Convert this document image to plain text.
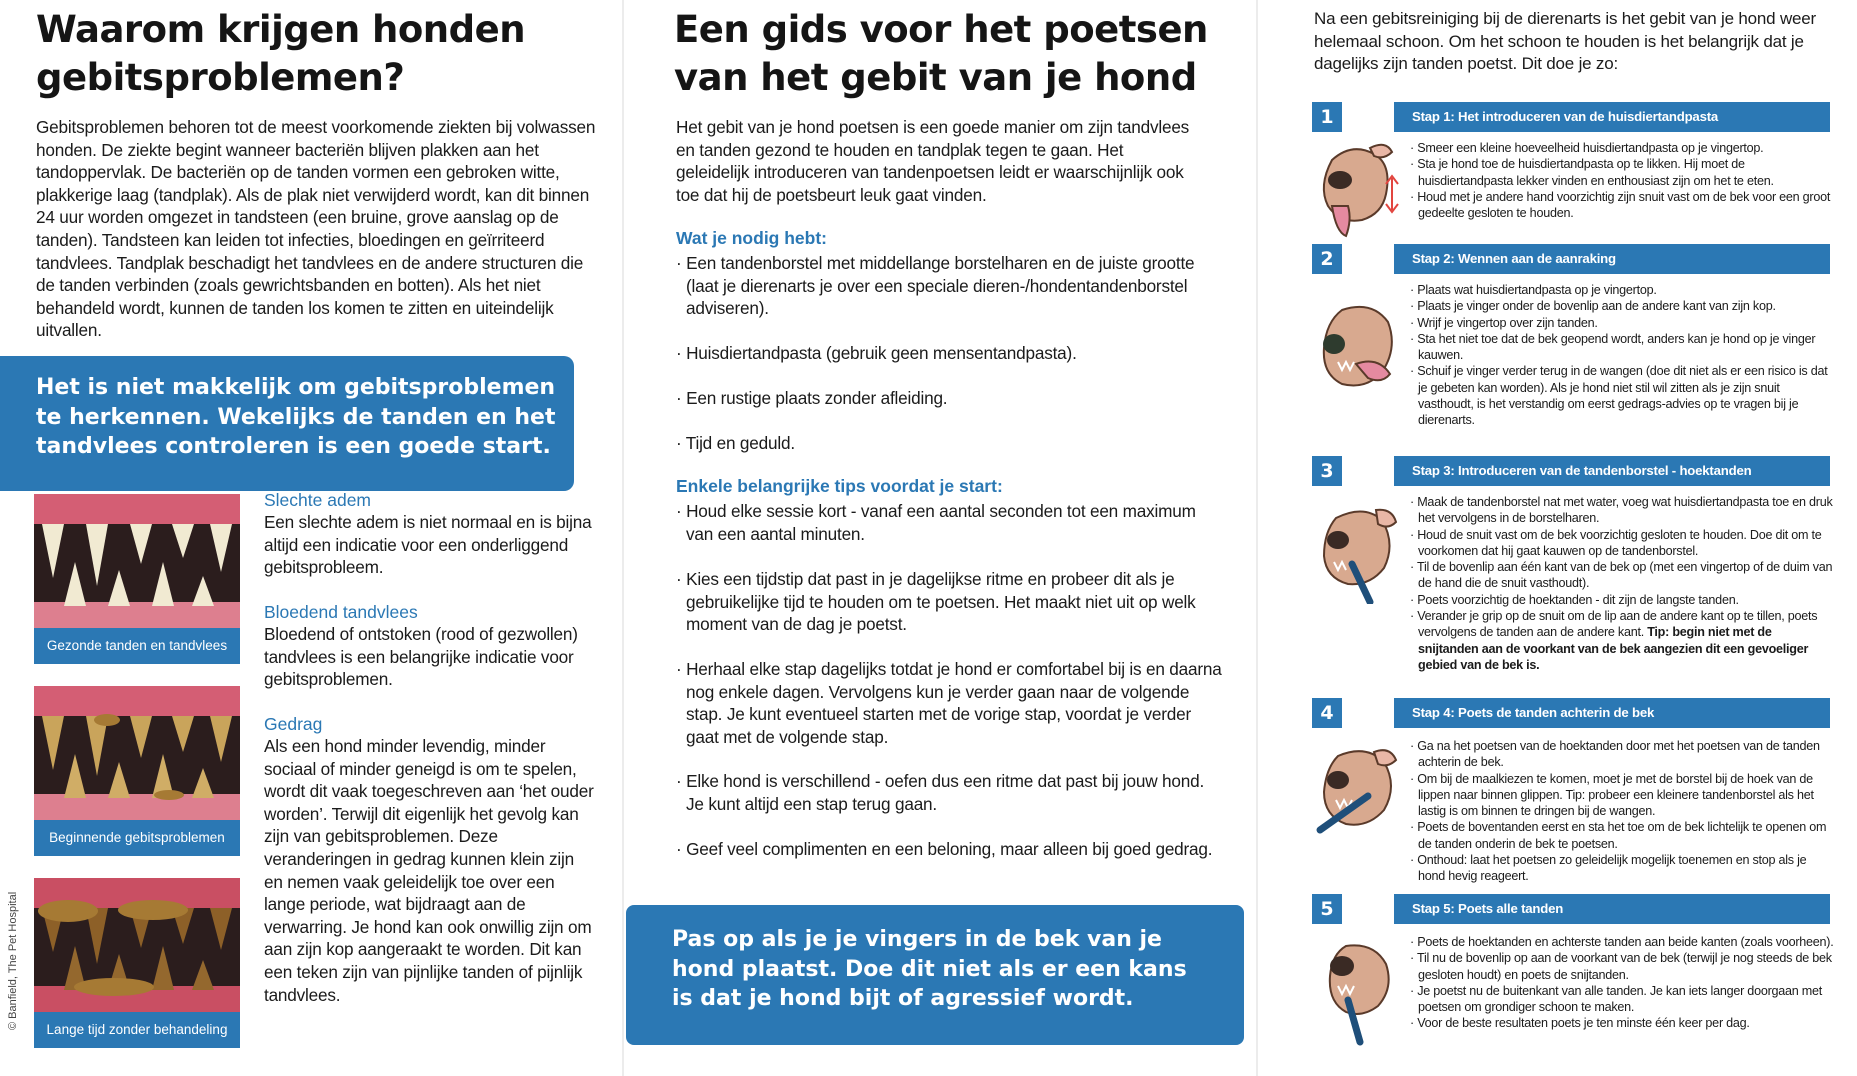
Waarom krijgen honden
gebitsproblemen?

Gebitsproblemen behoren tot de meest voorkomende ziekten bij volwassen honden. De ziekte begint wanneer bacteriën blijven plakken aan het tandoppervlak. De bacteriën op de tanden vormen een gebroken witte, plakkerige laag (tandplak). Als de plak niet verwijderd wordt, kan dit binnen 24 uur worden omgezet in tandsteen (een bruine, grove aanslag op de tanden). Tandsteen kan leiden tot infecties, bloedingen en geïrriteerd tandvlees. Tandplak beschadigt het tandvlees en de andere structuren die de tanden verbinden (zoals gewrichtsbanden en botten). Als het niet behandeld wordt, kunnen de tanden los komen te zitten en uiteindelijk uitvallen.

Het is niet makkelijk om gebitsproblemen
te herkennen. Wekelijks de tanden en het
tandvlees controleren is een goede start.
Gezonde tanden en tandvlees
Beginnende gebitsproblemen
Lange tijd zonder behandeling
© Banfield, The Pet Hospital
Slechte adem

Een slechte adem is niet normaal en is bijna altijd een indicatie voor een onderliggend gebitsprobleem.

Bloedend tandvlees

Bloedend of ontstoken (rood of gezwollen) tandvlees is een belangrijke indicatie voor gebitsproblemen.

Gedrag

Als een hond minder levendig, minder sociaal of minder geneigd is om te spelen, wordt dit vaak toegeschreven aan ‘het ouder worden’. Terwijl dit eigenlijk het gevolg kan zijn van gebitsproblemen. Deze veranderingen in gedrag kunnen klein zijn en nemen vaak geleidelijk toe over een lange periode, wat bijdraagt aan de verwarring. Je hond kan ook onwillig zijn om aan zijn kop aangeraakt te worden. Dit kan een teken zijn van pijnlijke tanden of pijnlijk tandvlees.

Een gids voor het poetsen
van het gebit van je hond

Het gebit van je hond poetsen is een goede manier om zijn tandvlees en tanden gezond te houden en tandplak tegen te gaan. Het geleidelijk introduceren van tandenpoetsen leidt er waarschijnlijk ook toe dat hij de poetsbeurt leuk gaat vinden.

Wat je nodig hebt:

· Een tandenborstel met middellange borstelharen en de juiste grootte (laat je dierenarts je over een speciale dieren-/hondentandenborstel adviseren).

· Huisdiertandpasta (gebruik geen mensentandpasta).

· Een rustige plaats zonder afleiding.

· Tijd en geduld.

Enkele belangrijke tips voordat je start:

· Houd elke sessie kort - vanaf een aantal seconden tot een maximum van een aantal minuten.

· Kies een tijdstip dat past in je dagelijkse ritme en probeer dit als je gebruikelijke tijd te houden om te poetsen. Het maakt niet uit op welk moment van de dag je poetst.

· Herhaal elke stap dagelijks totdat je hond er comfortabel bij is en daarna nog enkele dagen. Vervolgens kun je verder gaan naar de volgende stap. Je kunt eventueel starten met de vorige stap, voordat je verder gaat met de volgende stap.

· Elke hond is verschillend - oefen dus een ritme dat past bij jouw hond. Je kunt altijd een stap terug gaan.

· Geef veel complimenten en een beloning, maar alleen bij goed gedrag.

Pas op als je je vingers in de bek van je
hond plaatst. Doe dit niet als er een kans
is dat je hond bijt of agressief wordt.

Na een gebitsreiniging bij de dierenarts is het gebit van je hond weer helemaal schoon. Om het schoon te houden is het belangrijk dat je dagelijks zijn tanden poetst. Dit doe je zo:

1	Stap 1: Het introduceren van de huisdiertandpasta
· Smeer een kleine hoeveelheid huisdiertandpasta op je vingertop.
· Sta je hond toe de huisdiertandpasta op te likken. Hij moet de huisdiertandpasta lekker vinden en enthousiast zijn om het te eten.
· Houd met je andere hand voorzichtig zijn snuit vast om de bek voor een groot gedeelte gesloten te houden.
2	Stap 2: Wennen aan de aanraking
· Plaats wat huisdiertandpasta op je vingertop.
· Plaats je vinger onder de bovenlip aan de andere kant van zijn kop.
· Wrijf je vingertop over zijn tanden.
· Sta het niet toe dat de bek geopend wordt, anders kan je hond op je vinger kauwen.
· Schuif je vinger verder terug in de wangen (doe dit niet als er een risico is dat je gebeten kan worden). Als je hond niet stil wil zitten als je zijn snuit vasthoudt, is het verstandig om eerst gedrags-advies op te vragen bij je dierenarts.
3	Stap 3: Introduceren van de tandenborstel - hoektanden
· Maak de tandenborstel nat met water, voeg wat huisdiertandpasta toe en druk het vervolgens in de borstelharen.
· Houd de snuit vast om de bek voorzichtig gesloten te houden. Doe dit om te voorkomen dat hij gaat kauwen op de tandenborstel.
· Til de bovenlip aan één kant van de bek op (met een vingertop of de duim van de hand die de snuit vasthoudt).
· Poets voorzichtig de hoektanden - dit zijn de langste tanden.
· Verander je grip op de snuit om de lip aan de andere kant op te tillen, poets vervolgens de tanden aan de andere kant. Tip: begin niet met de snijtanden aan de voorkant van de bek aangezien dit een gevoeliger gebied van de bek is.
4	Stap 4: Poets de tanden achterin de bek
· Ga na het poetsen van de hoektanden door met het poetsen van de tanden achterin de bek.
· Om bij de maalkiezen te komen, moet je met de borstel bij de hoek van de lippen naar binnen glippen. Tip: probeer een kleinere tandenborstel als het lastig is om binnen te dringen bij de wangen.
· Poets de boventanden eerst en sta het toe om de bek lichtelijk te openen om de tanden onderin de bek te poetsen.
· Onthoud: laat het poetsen zo geleidelijk mogelijk toenemen en stop als je hond hevig reageert.
5	Stap 5: Poets alle tanden
· Poets de hoektanden en achterste tanden aan beide kanten (zoals voorheen).
· Til nu de bovenlip op aan de voorkant van de bek (terwijl je nog steeds de bek gesloten houdt) en poets de snijtanden.
· Je poetst nu de buitenkant van alle tanden. Je kan iets langer doorgaan met poetsen om grondiger schoon te maken.
· Voor de beste resultaten poets je ten minste één keer per dag.
